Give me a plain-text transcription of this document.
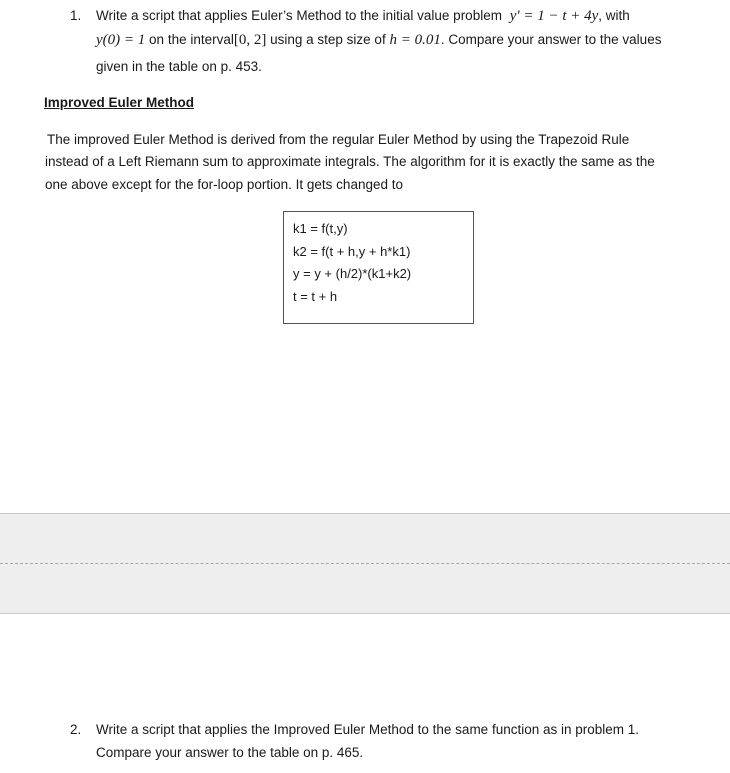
1. Write a script that applies Euler’s Method to the initial value problem y' = 1 − t + 4y, with
y(0) = 1 on the interval[0, 2] using a step size of h = 0.01. Compare your answer to the values
given in the table on p. 453.
Improved Euler Method
The improved Euler Method is derived from the regular Euler Method by using the Trapezoid Rule
instead of a Left Riemann sum to approximate integrals. The algorithm for it is exactly the same as the
one above except for the for-loop portion. It gets changed to
k1 = f(t,y)
k2 = f(t + h,y + h*k1)
y = y + (h/2)*(k1+k2)
t = t + h
2. Write a script that applies the Improved Euler Method to the same function as in problem 1.
Compare your answer to the table on p. 465.
